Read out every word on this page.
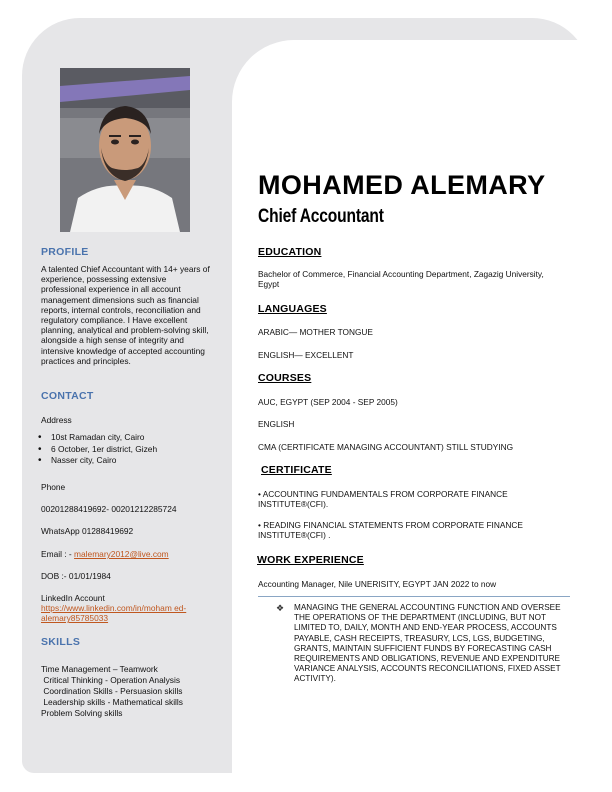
PROFILE
A talented Chief Accountant with 14+ years of experience, possessing extensive professional experience in all account management dimensions such as financial reports, internal controls, reconciliation and regulatory compliance. I Have excellent planning, analytical and problem-solving skill, alongside a high sense of integrity and intensive knowledge of accepted accounting practices and principles.
CONTACT
Address
• 10st Ramadan city, Cairo
• 6 October, 1er district, Gizeh
• Nasser city, Cairo
Phone
00201288419692- 00201212285724
WhatsApp 01288419692
Email : - malemary2012@live.com
DOB :- 01/01/1984
LinkedIn Account
https://www.linkedin.com/in/moham ed-alemary85785033
SKILLS
Time Management – Teamwork
Critical Thinking - Operation Analysis
Coordination Skills - Persuasion skills
Leadership skills - Mathematical skills
Problem Solving skills
MOHAMED ALEMARY
Chief Accountant
EDUCATION
Bachelor of Commerce, Financial Accounting Department, Zagazig University, Egypt
LANGUAGES
ARABIC— MOTHER TONGUE
ENGLISH— EXCELLENT
COURSES
AUC, EGYPT (SEP 2004 - SEP 2005)
ENGLISH
CMA (CERTIFICATE MANAGING ACCOUNTANT) STILL STUDYING
CERTIFICATE
• ACCOUNTING FUNDAMENTALS FROM CORPORATE FINANCE INSTITUTE®(CFI).
• READING FINANCIAL STATEMENTS FROM CORPORATE FINANCE INSTITUTE®(CFI) .
WORK EXPERIENCE
Accounting Manager, Nile UNERISITY, EGYPT JAN 2022 to now
❖ MANAGING THE GENERAL ACCOUNTING FUNCTION AND OVERSEE THE OPERATIONS OF THE DEPARTMENT (INCLUDING, BUT NOT LIMITED TO, DAILY, MONTH AND END-YEAR PROCESS, ACCOUNTS PAYABLE, CASH RECEIPTS, TREASURY, LCS, LGS, BUDGETING, GRANTS, MAINTAIN SUFFICIENT FUNDS BY FORECASTING CASH REQUIREMENTS AND OBLIGATIONS, REVENUE AND EXPENDITURE VARIANCE ANALYSIS, ACCOUNTS RECONCILIATIONS, FIXED ASSET ACTIVITY).
